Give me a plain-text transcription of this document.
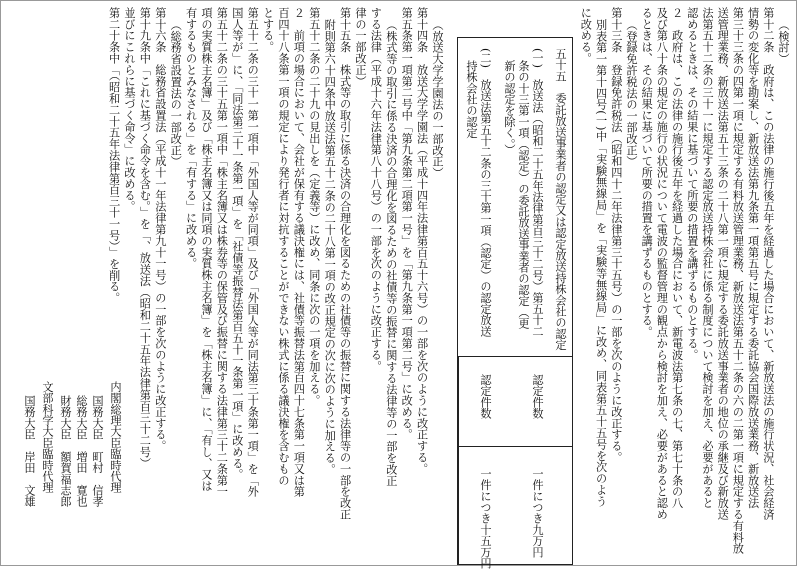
（検討）
第十二条　政府は、この法律の施行後五年を経過した場合において、新放送法の施行状況、社会経済
情勢の変化等を勘案し、新放送法第九条第一項第五号に規定する委託協会国際放送業務、新放送法
第三十三条の四第一項に規定する有料放送管理業務、新放送法第五十二条の六の二第一項に規定する有料放
送管理業務、新放送法第五十三条の二十八第一項に規定する委託放送事業者の地位の承継及び新放送
法第五十二条の三十一に規定する認定放送持株会社に係る制度について検討を加え、必要があると
認めるときは、その結果に基づいて所要の措置を講ずるものとする。
２　政府は、この法律の施行後五年を経過した場合において、新電波法第七条の七、第七十条の八
及び第八十条の規定の施行の状況について電波の監督管理の観点から検討を加え、必要があると認め
るときは、その結果に基づいて所要の措置を講ずるものとする。
（登録免許税法の一部改正）
第十三条　登録免許税法（昭和四十二年法律第三十五号）の一部を次のように改正する。
別表第一第十四号(一)中「実験無線局」を「実験等無線局」に改め、同表第五十五号を次のよう
に改める。
五十五　委託放送事業者の認定又は認定放送持株会社の認定
(一)　放送法（昭和二十五年法律第百三十二号）第五十二
条の十三第一項（認定）の委託放送事業者の認定（更
新の認定を除く。）
(二)　放送法第五十二条の三十第一項（認定）の認定放送
持株会社の認定
認定件数
認定件数
一件につき九万円
一件につき十五万円
（放送大学学園法の一部改正）
第十四条　放送大学学園法（平成十四年法律第百五十六号）の一部を次のように改正する。
第五条第一項第二号中「第九条第二項第一号」を「第九条第一項第二号」に改める。
（株式等の取引に係る決済の合理化を図るための社債等の振替に関する法律等の一部を改正
する法律（平成十六年法律第八十八号）の一部を次のように改正する。
律の一部改正）
第十五条　株式等の取引に係る決済の合理化を図るための社債等の振替に関する法律等の一部を改正
附則第六十四条中放送法第五十二条の二十八第一項の改正規定の次に次のように加える。
第五十二条の二十九の見出しを（定義等）に改め、同条に次の一項を加える。
２　前項の場合において、会社が保有する議決権には、社債等振替法第百四十七条第一項又は第
百四十八条第一項の規定により発行者に対抗することができない株式に係る議決権を含むもの
とする。
第五十二条の三十一第一項中「外国人等が同項」及び「外国人等が同法第三十条第一項」を「外
国人等が」に、「同法第三十一条第一項」を「社債等振替法第百五十一条第一項」に改める。
第五十二条の三十五第一項中「株主名簿又は株券等の保管及び振替に関する法律第三十二条第一
項の実質株主名簿」及び「株主名簿又は同項の実質株主名簿」を「株主名簿」に、「有し、又は
有するものとみなされる」を「有する」に改める。
（総務省設置法の一部改正）
第十六条　総務省設置法（平成十一年法律第九十一号）の一部を次のように改正する。
第十九条中「これに基づく命令を含む。」を「、放送法（昭和二十五年法律第百三十二号）
並びにこれらに基づく命令」に改める。
第二十条中「（昭和二十五年法律第百三十一号）」を削る。
内閣総理大臣臨時代理
国務大臣　町村　信孝
総務大臣　増田　寛也
財務大臣　額賀福志郎
文部科学大臣臨時代理
国務大臣　岸田　文雄
